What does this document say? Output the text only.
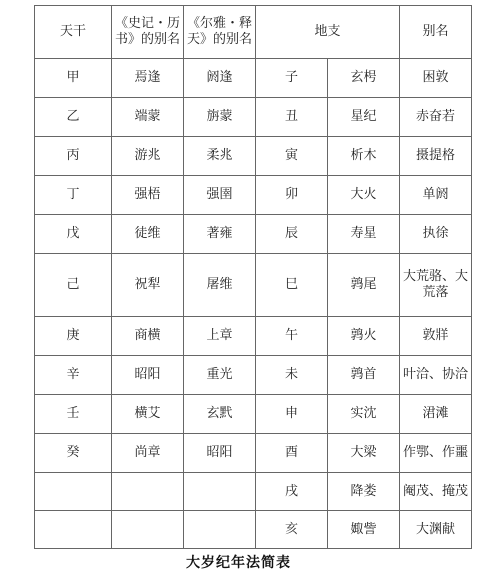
天干	《史记・历书》的别名	《尔雅・释天》的别名	地支		别名
甲	焉逢	阏逢	子	玄枵	困敦
乙	端蒙	旃蒙	丑	星纪	赤奋若
丙	游兆	柔兆	寅	析木	摄提格
丁	强梧	强圉	卯	大火	单阏
戊	徒维	著雍	辰	寿星	执徐
己	祝犁	屠维	巳	鹑尾	大荒骆、大荒落
庚	商横	上章	午	鹑火	敦牂
辛	昭阳	重光	未	鹑首	叶洽、协洽
壬	横艾	玄黓	申	实沈	涒滩
癸	尚章	昭阳	酉	大梁	作鄂、作噩
			戌	降娄	阉茂、掩茂
			亥	娵訾	大渊献
大岁纪年法简表
